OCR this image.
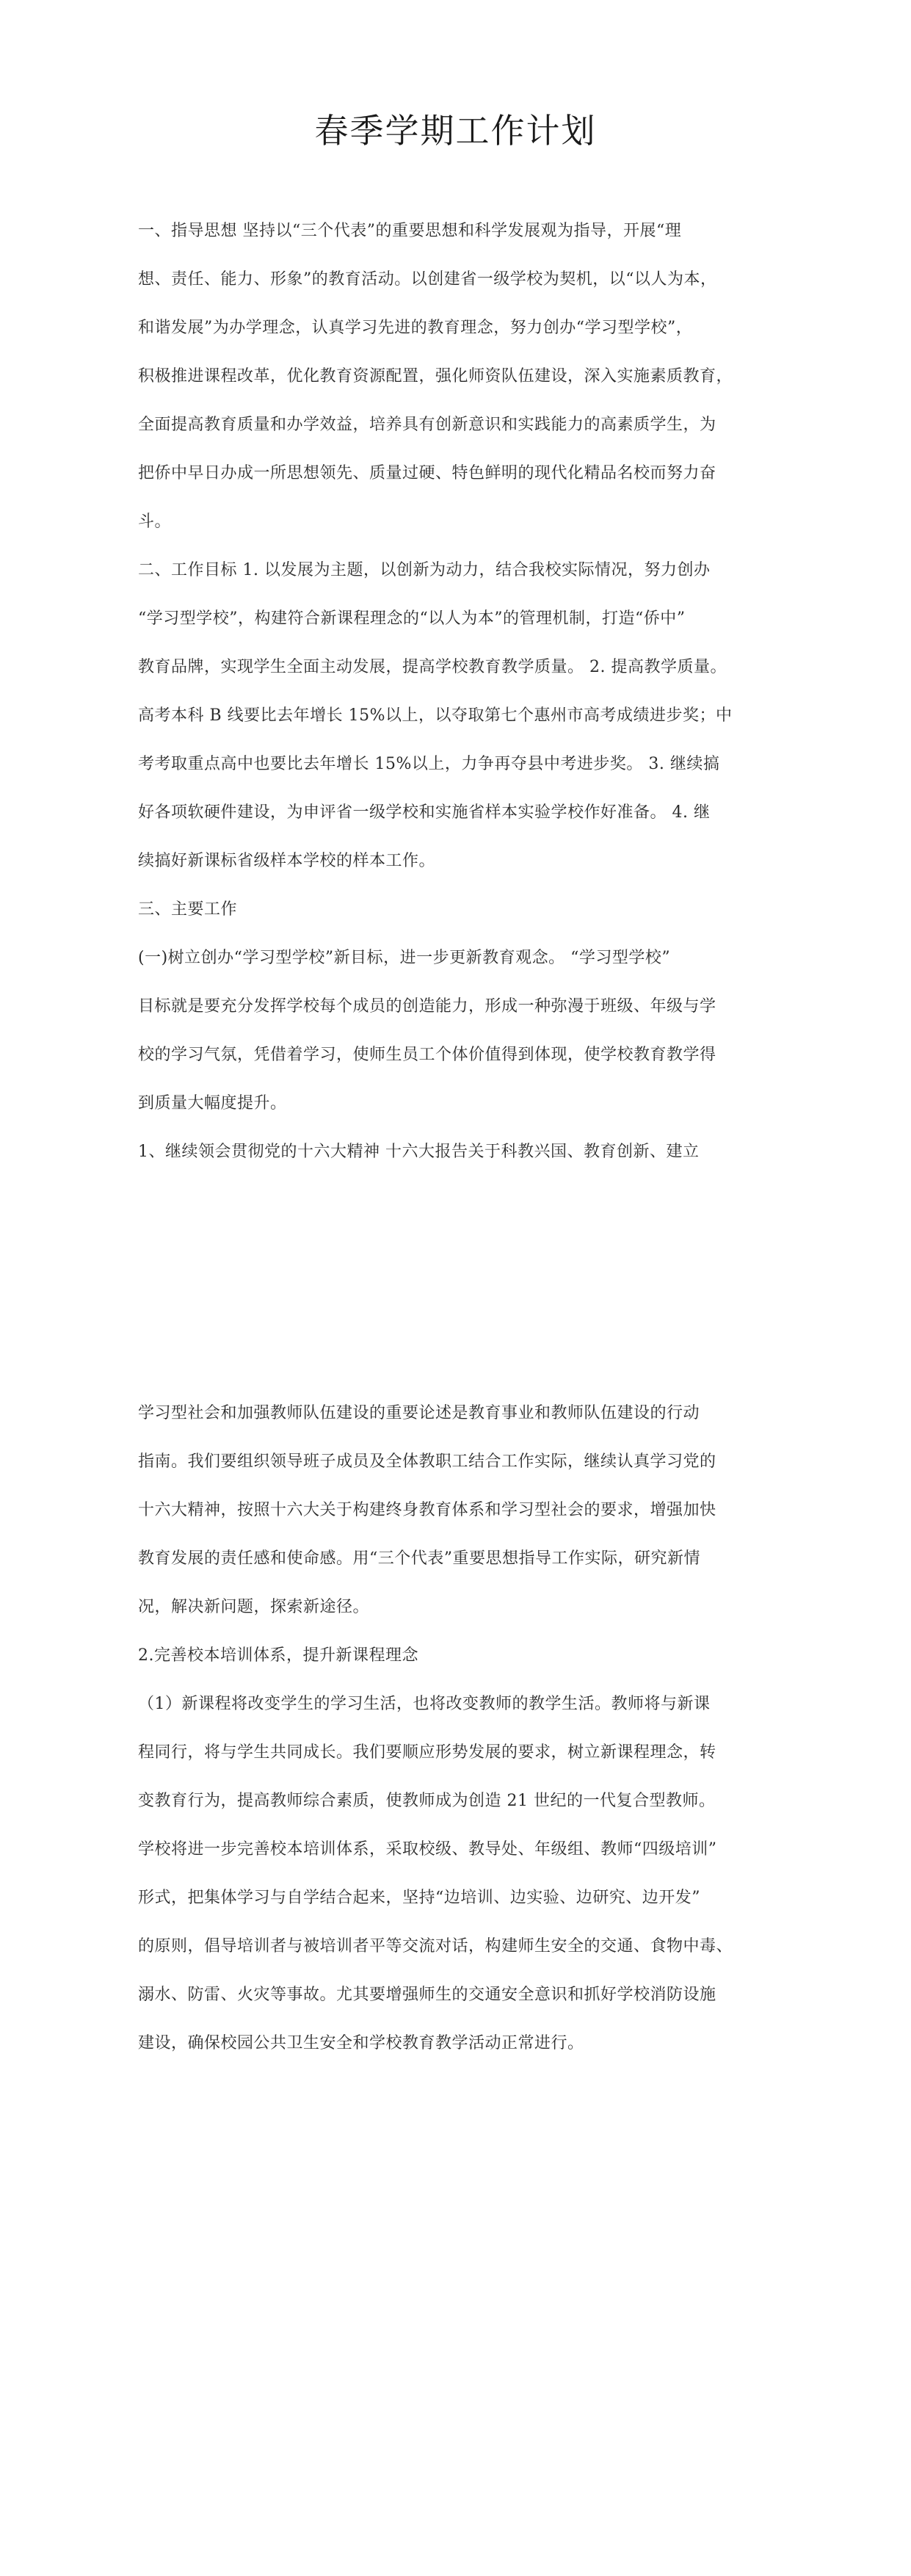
春季学期工作计划
一、指导思想 坚持以“三个代表”的重要思想和科学发展观为指导，开展“理
想、责任、能力、形象”的教育活动。以创建省一级学校为契机，以“以人为本，
和谐发展”为办学理念，认真学习先进的教育理念，努力创办“学习型学校”，
积极推进课程改革，优化教育资源配置，强化师资队伍建设，深入实施素质教育，
全面提高教育质量和办学效益，培养具有创新意识和实践能力的高素质学生，为
把侨中早日办成一所思想领先、质量过硬、特色鲜明的现代化精品名校而努力奋
斗。
二、工作目标 1. 以发展为主题，以创新为动力，结合我校实际情况，努力创办
“学习型学校”，构建符合新课程理念的“以人为本”的管理机制，打造“侨中”
教育品牌，实现学生全面主动发展，提高学校教育教学质量。 2. 提高教学质量。
高考本科 B 线要比去年增长 15%以上，以夺取第七个惠州市高考成绩进步奖；中
考考取重点高中也要比去年增长 15%以上，力争再夺县中考进步奖。 3. 继续搞
好各项软硬件建设，为申评省一级学校和实施省样本实验学校作好准备。 4. 继
续搞好新课标省级样本学校的样本工作。
三、主要工作
(一)树立创办“学习型学校”新目标，进一步更新教育观念。 “学习型学校”
目标就是要充分发挥学校每个成员的创造能力，形成一种弥漫于班级、年级与学
校的学习气氛，凭借着学习，使师生员工个体价值得到体现，使学校教育教学得
到质量大幅度提升。
1、继续领会贯彻党的十六大精神 十六大报告关于科教兴国、教育创新、建立
学习型社会和加强教师队伍建设的重要论述是教育事业和教师队伍建设的行动
指南。我们要组织领导班子成员及全体教职工结合工作实际，继续认真学习党的
十六大精神，按照十六大关于构建终身教育体系和学习型社会的要求，增强加快
教育发展的责任感和使命感。用“三个代表”重要思想指导工作实际，研究新情
况，解决新问题，探索新途径。
2.完善校本培训体系，提升新课程理念
（1）新课程将改变学生的学习生活，也将改变教师的教学生活。教师将与新课
程同行，将与学生共同成长。我们要顺应形势发展的要求，树立新课程理念，转
变教育行为，提高教师综合素质，使教师成为创造 21 世纪的一代复合型教师。
学校将进一步完善校本培训体系，采取校级、教导处、年级组、教师“四级培训”
形式，把集体学习与自学结合起来，坚持“边培训、边实验、边研究、边开发”
的原则，倡导培训者与被培训者平等交流对话，构建师生安全的交通、食物中毒、
溺水、防雷、火灾等事故。尤其要增强师生的交通安全意识和抓好学校消防设施
建设，确保校园公共卫生安全和学校教育教学活动正常进行。
